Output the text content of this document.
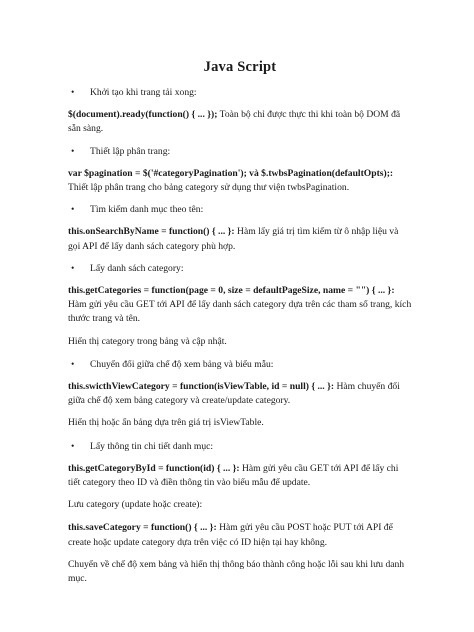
Java Script
• Khởi tạo khi trang tải xong:
$(document).ready(function() { ... }); Toàn bộ chỉ được thực thi khi toàn bộ DOM đã sẵn sàng.
• Thiết lập phân trang:
var $pagination = $('#categoryPagination'); và $.twbsPagination(defaultOpts);: Thiết lập phân trang cho bảng category sử dụng thư viện twbsPagination.
• Tìm kiếm danh mục theo tên:
this.onSearchByName = function() { ... }: Hàm lấy giá trị tìm kiếm từ ô nhập liệu và gọi API để lấy danh sách category phù hợp.
• Lấy danh sách category:
this.getCategories = function(page = 0, size = defaultPageSize, name = "") { ... }: Hàm gửi yêu cầu GET tới API để lấy danh sách category dựa trên các tham số trang, kích thước trang và tên.
Hiển thị category trong bảng và cập nhật.
• Chuyển đổi giữa chế độ xem bảng và biểu mẫu:
this.swicthViewCategory = function(isViewTable, id = null) { ... }: Hàm chuyển đổi giữa chế độ xem bảng category và create/update category.
Hiển thị hoặc ẩn bảng dựa trên giá trị isViewTable.
• Lấy thông tin chi tiết danh mục:
this.getCategoryById = function(id) { ... }: Hàm gửi yêu cầu GET tới API để lấy chi tiết category theo ID và điền thông tin vào biểu mẫu để update.
Lưu category (update hoặc create):
this.saveCategory = function() { ... }: Hàm gửi yêu cầu POST hoặc PUT tới API để create hoặc update category dựa trên việc có ID hiện tại hay không.
Chuyển về chế độ xem bảng và hiển thị thông báo thành công hoặc lỗi sau khi lưu danh mục.
